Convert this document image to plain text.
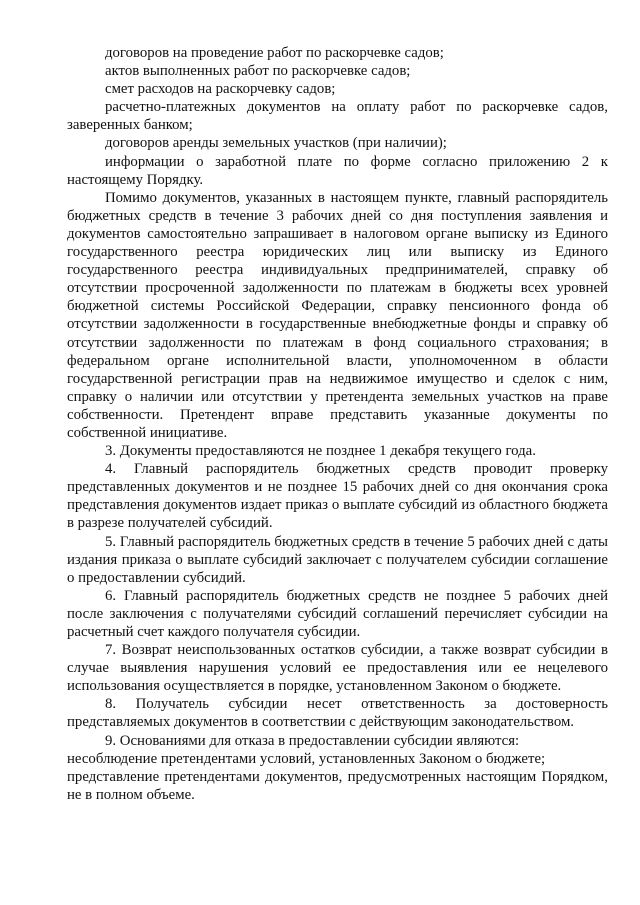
договоров на проведение работ по раскорчевке садов;

актов выполненных работ по раскорчевке садов;

смет расходов на раскорчевку садов;

расчетно-платежных документов на оплату работ по раскорчевке садов, заверенных банком;

договоров аренды земельных участков (при наличии);

информации о заработной плате по форме согласно приложению 2 к настоящему Порядку.

Помимо документов, указанных в настоящем пункте, главный распорядитель бюджетных средств в течение 3 рабочих дней со дня поступления заявления и документов самостоятельно запрашивает в налоговом органе выписку из Единого государственного реестра юридических лиц или выписку из Единого государственного реестра индивидуальных предпринимателей, справку об отсутствии просроченной задолженности по платежам в бюджеты всех уровней бюджетной системы Российской Федерации, справку пенсионного фонда об отсутствии задолженности в государственные внебюджетные фонды и справку об отсутствии задолженности по платежам в фонд социального страхования; в федеральном органе исполнительной власти, уполномоченном в области государственной регистрации прав на недвижимое имущество и сделок с ним, справку о наличии или отсутствии у претендента земельных участков на праве собственности. Претендент вправе представить указанные документы по собственной инициативе.

3. Документы предоставляются не позднее 1 декабря текущего года.

4. Главный распорядитель бюджетных средств проводит проверку представленных документов и не позднее 15 рабочих дней со дня окончания срока представления документов издает приказ о выплате субсидий из областного бюджета в разрезе получателей субсидий.

5. Главный распорядитель бюджетных средств в течение 5 рабочих дней с даты издания приказа о выплате субсидий заключает с получателем субсидии соглашение о предоставлении субсидий.

6. Главный распорядитель бюджетных средств не позднее 5 рабочих дней после заключения с получателями субсидий соглашений перечисляет субсидии на расчетный счет каждого получателя субсидии.

7. Возврат неиспользованных остатков субсидии, а также возврат субсидии в случае выявления нарушения условий ее предоставления или ее нецелевого использования осуществляется в порядке, установленном Законом о бюджете.

8. Получатель субсидии несет ответственность за достоверность представляемых документов в соответствии с действующим законодательством.

9. Основаниями для отказа в предоставлении субсидии являются:

несоблюдение претендентами условий, установленных Законом о бюджете;

представление претендентами документов, предусмотренных настоящим Порядком, не в полном объеме.
